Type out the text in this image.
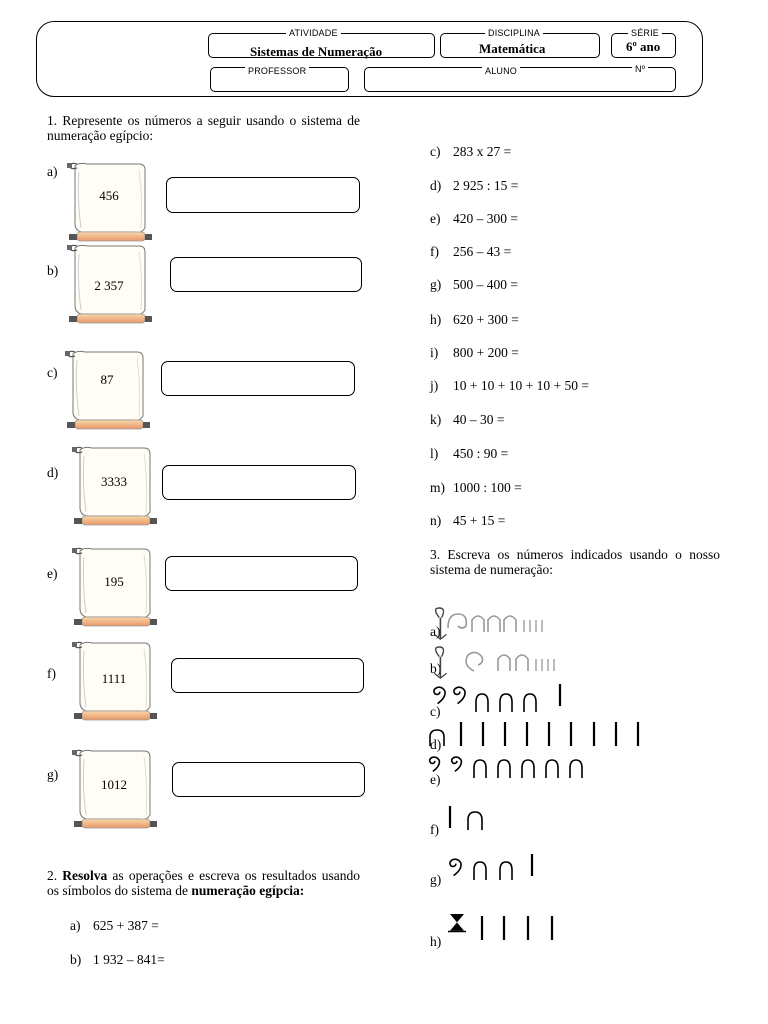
ATIVIDADE
Sistemas de Numeração
DISCIPLINA
Matemática
SÉRIE
6º ano
PROFESSOR	ALUNO	Nº
1. Represente os números a seguir usando o sistema de numeração egípcio:
a)
456
b)
2 357
c)	87
d)
3333
e)
195
f)	1111
g)
1012
2. Resolva as operações e escreva os resultados usando os símbolos do sistema de numeração egípcia:
a) 625 + 387 =
b) 1 932 – 841=
c) 283 x 27 =
d) 2 925 : 15 =
e) 420 – 300 =
f) 256 – 43 =
g) 500 – 400 =
h) 620 + 300 =
i) 800 + 200 =
j) 10 + 10 + 10 + 10 + 50 =
k) 40 – 30 =
l) 450 : 90 =
m) 1000 : 100 =
n) 45 + 15 =
3. Escreva os números indicados usando o nosso sistema de numeração:
a)
b)
c)
d)
e)
f)
g)
h)
